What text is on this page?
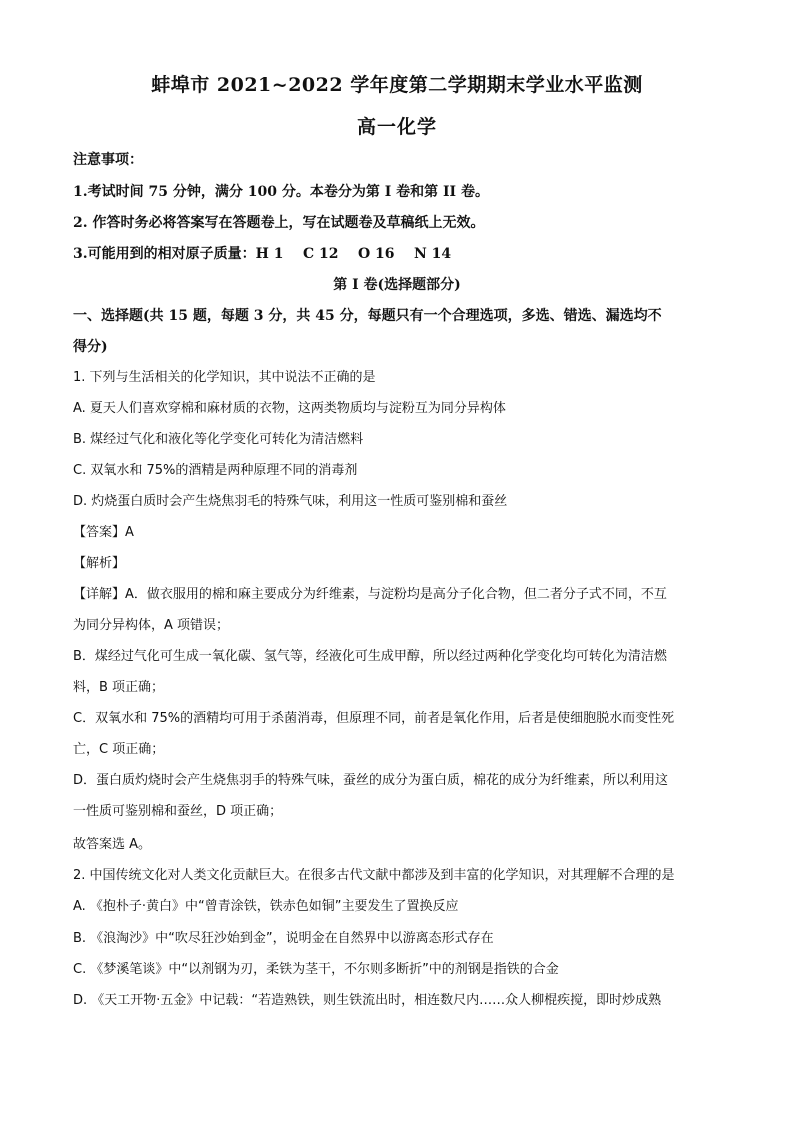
蚌埠市 2021~2022 学年度第二学期期末学业水平监测
高一化学
注意事项：
1.考试时间 75 分钟，满分 100 分。本卷分为第 I 卷和第 II 卷。
2. 作答时务必将答案写在答题卷上，写在试题卷及草稿纸上无效。
3.可能用到的相对原子质量：H 1    C 12    O 16    N 14
第 I 卷(选择题部分)
一、选择题(共 15 题，每题 3 分，共 45 分，每题只有一个合理选项，多选、错选、漏选均不
得分)
1. 下列与生活相关的化学知识，其中说法不正确的是
A. 夏天人们喜欢穿棉和麻材质的衣物，这两类物质均与淀粉互为同分异构体
B. 煤经过气化和液化等化学变化可转化为清洁燃料
C. 双氧水和 75%的酒精是两种原理不同的消毒剂
D. 灼烧蛋白质时会产生烧焦羽毛的特殊气味，利用这一性质可鉴别棉和蚕丝
【答案】A
【解析】
【详解】A．做衣服用的棉和麻主要成分为纤维素，与淀粉均是高分子化合物，但二者分子式不同，不互
为同分异构体，A 项错误；
B．煤经过气化可生成一氧化碳、氢气等，经液化可生成甲醇，所以经过两种化学变化均可转化为清洁燃
料，B 项正确；
C．双氧水和 75%的酒精均可用于杀菌消毒，但原理不同，前者是氧化作用，后者是使细胞脱水而变性死
亡，C 项正确；
D．蛋白质灼烧时会产生烧焦羽手的特殊气味，蚕丝的成分为蛋白质，棉花的成分为纤维素，所以利用这
一性质可鉴别棉和蚕丝，D 项正确；
故答案选 A。
2. 中国传统文化对人类文化贡献巨大。在很多古代文献中都涉及到丰富的化学知识，对其理解不合理的是
A. 《抱朴子·黄白》中“曾青涂铁，铁赤色如铜”主要发生了置换反应
B. 《浪淘沙》中“吹尽狂沙始到金”，说明金在自然界中以游离态形式存在
C. 《梦溪笔谈》中“以剂钢为刃，柔铁为茎干，不尔则多断折”中的剂钢是指铁的合金
D. 《天工开物·五金》中记载：“若造熟铁，则生铁流出时，相连数尺内……众人柳棍疾搅，即时炒成熟
